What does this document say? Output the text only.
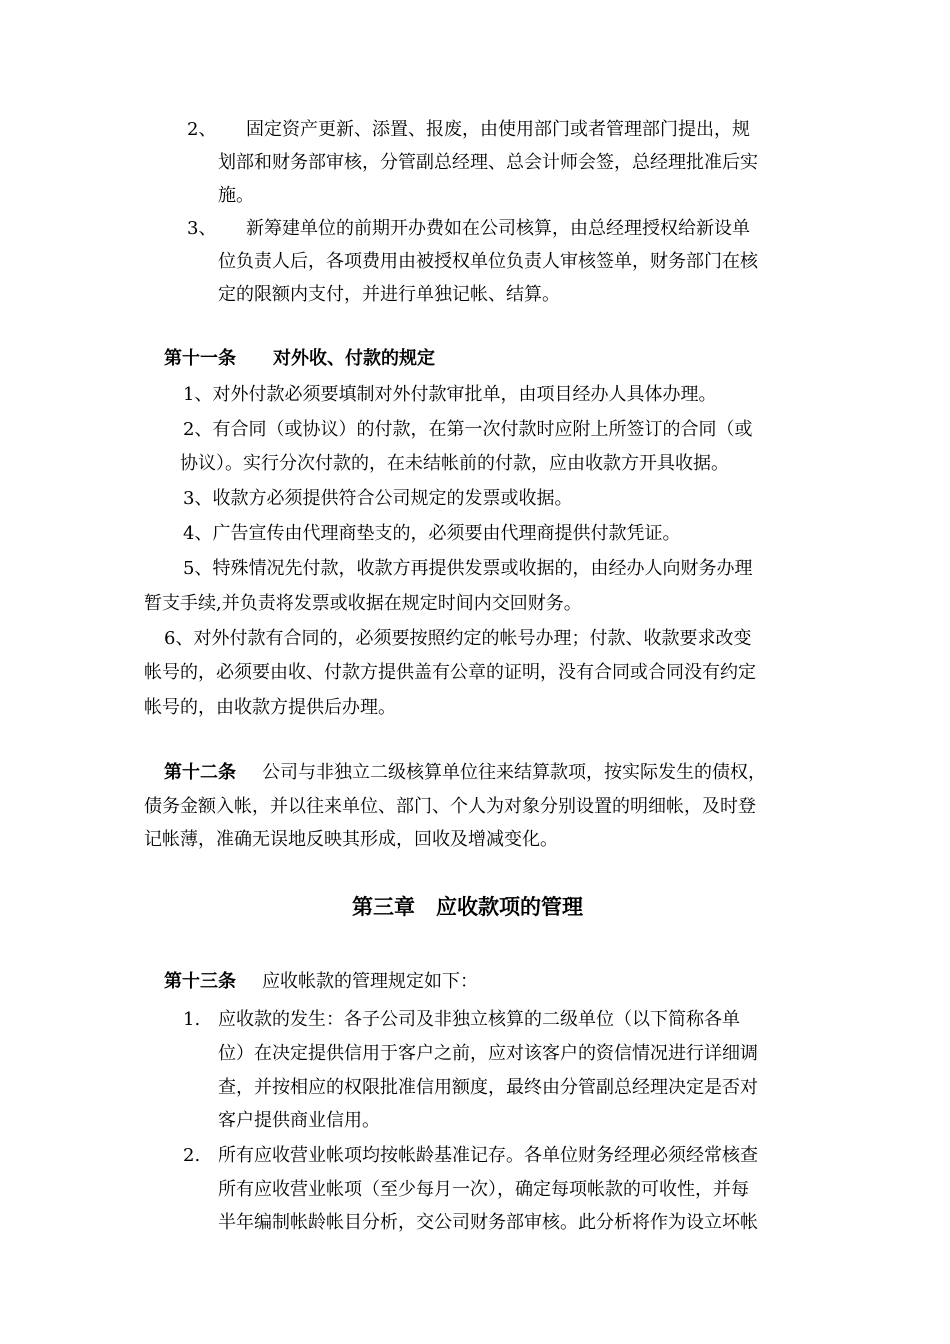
2、 固定资产更新、添置、报废，由使用部门或者管理部门提出，规
划部和财务部审核，分管副总经理、总会计师会签，总经理批准后实
施。
3、 新筹建单位的前期开办费如在公司核算，由总经理授权给新设单
位负责人后，各项费用由被授权单位负责人审核签单，财务部门在核
定的限额内支付，并进行单独记帐、结算。
第十一条 对外收、付款的规定
1、对外付款必须要填制对外付款审批单，由项目经办人具体办理。
2、有合同（或协议）的付款，在第一次付款时应附上所签订的合同（或
协议）。实行分次付款的，在未结帐前的付款，应由收款方开具收据。
3、收款方必须提供符合公司规定的发票或收据。
4、广告宣传由代理商垫支的，必须要由代理商提供付款凭证。
5、特殊情况先付款，收款方再提供发票或收据的，由经办人向财务办理
暂支手续,并负责将发票或收据在规定时间内交回财务。
6、对外付款有合同的，必须要按照约定的帐号办理；付款、收款要求改变
帐号的，必须要由收、付款方提供盖有公章的证明，没有合同或合同没有约定
帐号的，由收款方提供后办理。
第十二条 公司与非独立二级核算单位往来结算款项，按实际发生的债权，
债务金额入帐，并以往来单位、部门、个人为对象分别设置的明细帐，及时登
记帐薄，准确无误地反映其形成，回收及增减变化。
第三章　应收款项的管理
第十三条 应收帐款的管理规定如下：
1. 应收款的发生：各子公司及非独立核算的二级单位（以下简称各单
位）在决定提供信用于客户之前，应对该客户的资信情况进行详细调
查，并按相应的权限批准信用额度，最终由分管副总经理决定是否对
客户提供商业信用。
2. 所有应收营业帐项均按帐龄基准记存。各单位财务经理必须经常核查
所有应收营业帐项（至少每月一次），确定每项帐款的可收性，并每
半年编制帐龄帐目分析，交公司财务部审核。此分析将作为设立坏帐
